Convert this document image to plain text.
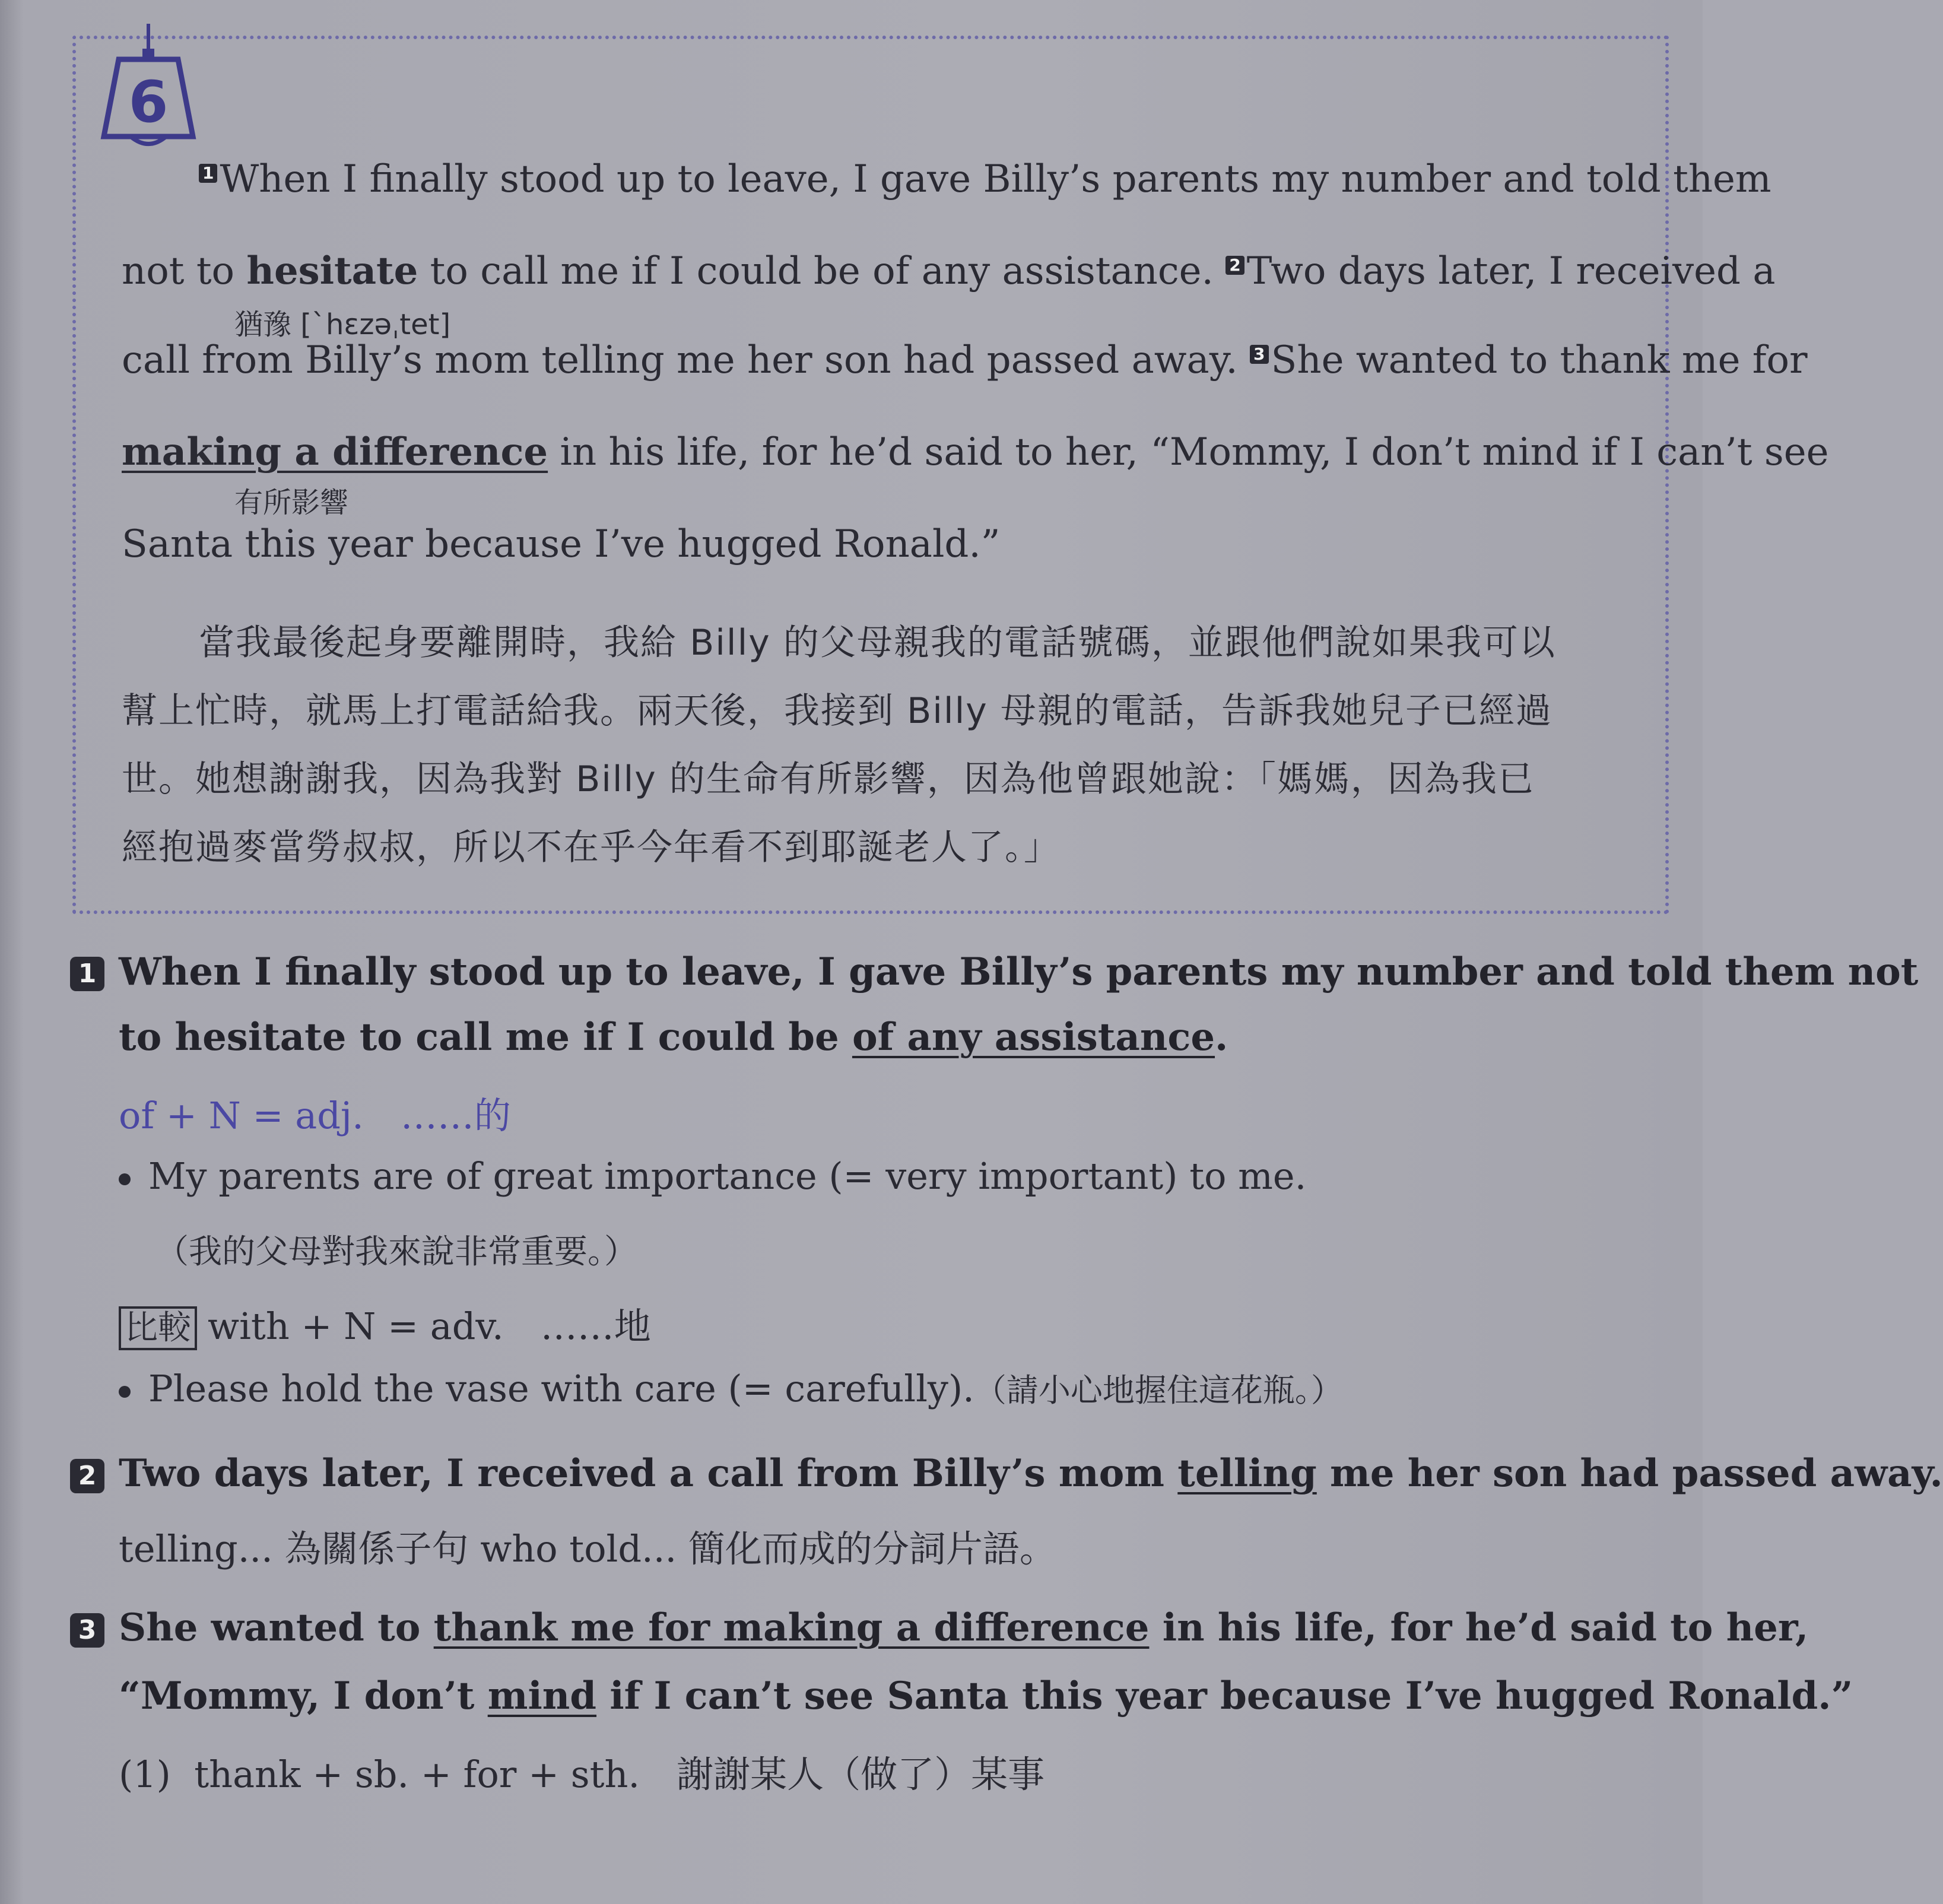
6
1 When I finally stood up to leave, I gave Billy’s parents my number and told them
not to hesitate to call me if I could be of any assistance. 2 Two days later, I received a
猶豫 [ˋhɛzəˌtet]
call from Billy’s mom telling me her son had passed away. 3 She wanted to thank me for
making a difference in his life, for he’d said to her, “Mommy, I don’t mind if I can’t see
有所影響
Santa this year because I’ve hugged Ronald.”
當我最後起身要離開時，我給 Billy 的父母親我的電話號碼，並跟他們說如果我可以
幫上忙時，就馬上打電話給我。兩天後，我接到 Billy 母親的電話，告訴我她兒子已經過
世。她想謝謝我，因為我對 Billy 的生命有所影響，因為他曾跟她說：「媽媽，因為我已
經抱過麥當勞叔叔，所以不在乎今年看不到耶誕老人了。」
1 When I finally stood up to leave, I gave Billy’s parents my number and told them not
to hesitate to call me if I could be of any assistance.
of + N = adj.　……的
My parents are of great importance (= very important) to me.
（我的父母對我來說非常重要。）
比較 with + N = adv.　……地
Please hold the vase with care (= carefully).（請小心地握住這花瓶。）
2 Two days later, I received a call from Billy’s mom telling me her son had passed away.
telling... 為關係子句 who told... 簡化而成的分詞片語。
3 She wanted to thank me for making a difference in his life, for he’d said to her,
“Mommy, I don’t mind if I can’t see Santa this year because I’ve hugged Ronald.”
(1)  thank + sb. + for + sth.　謝謝某人（做了）某事
